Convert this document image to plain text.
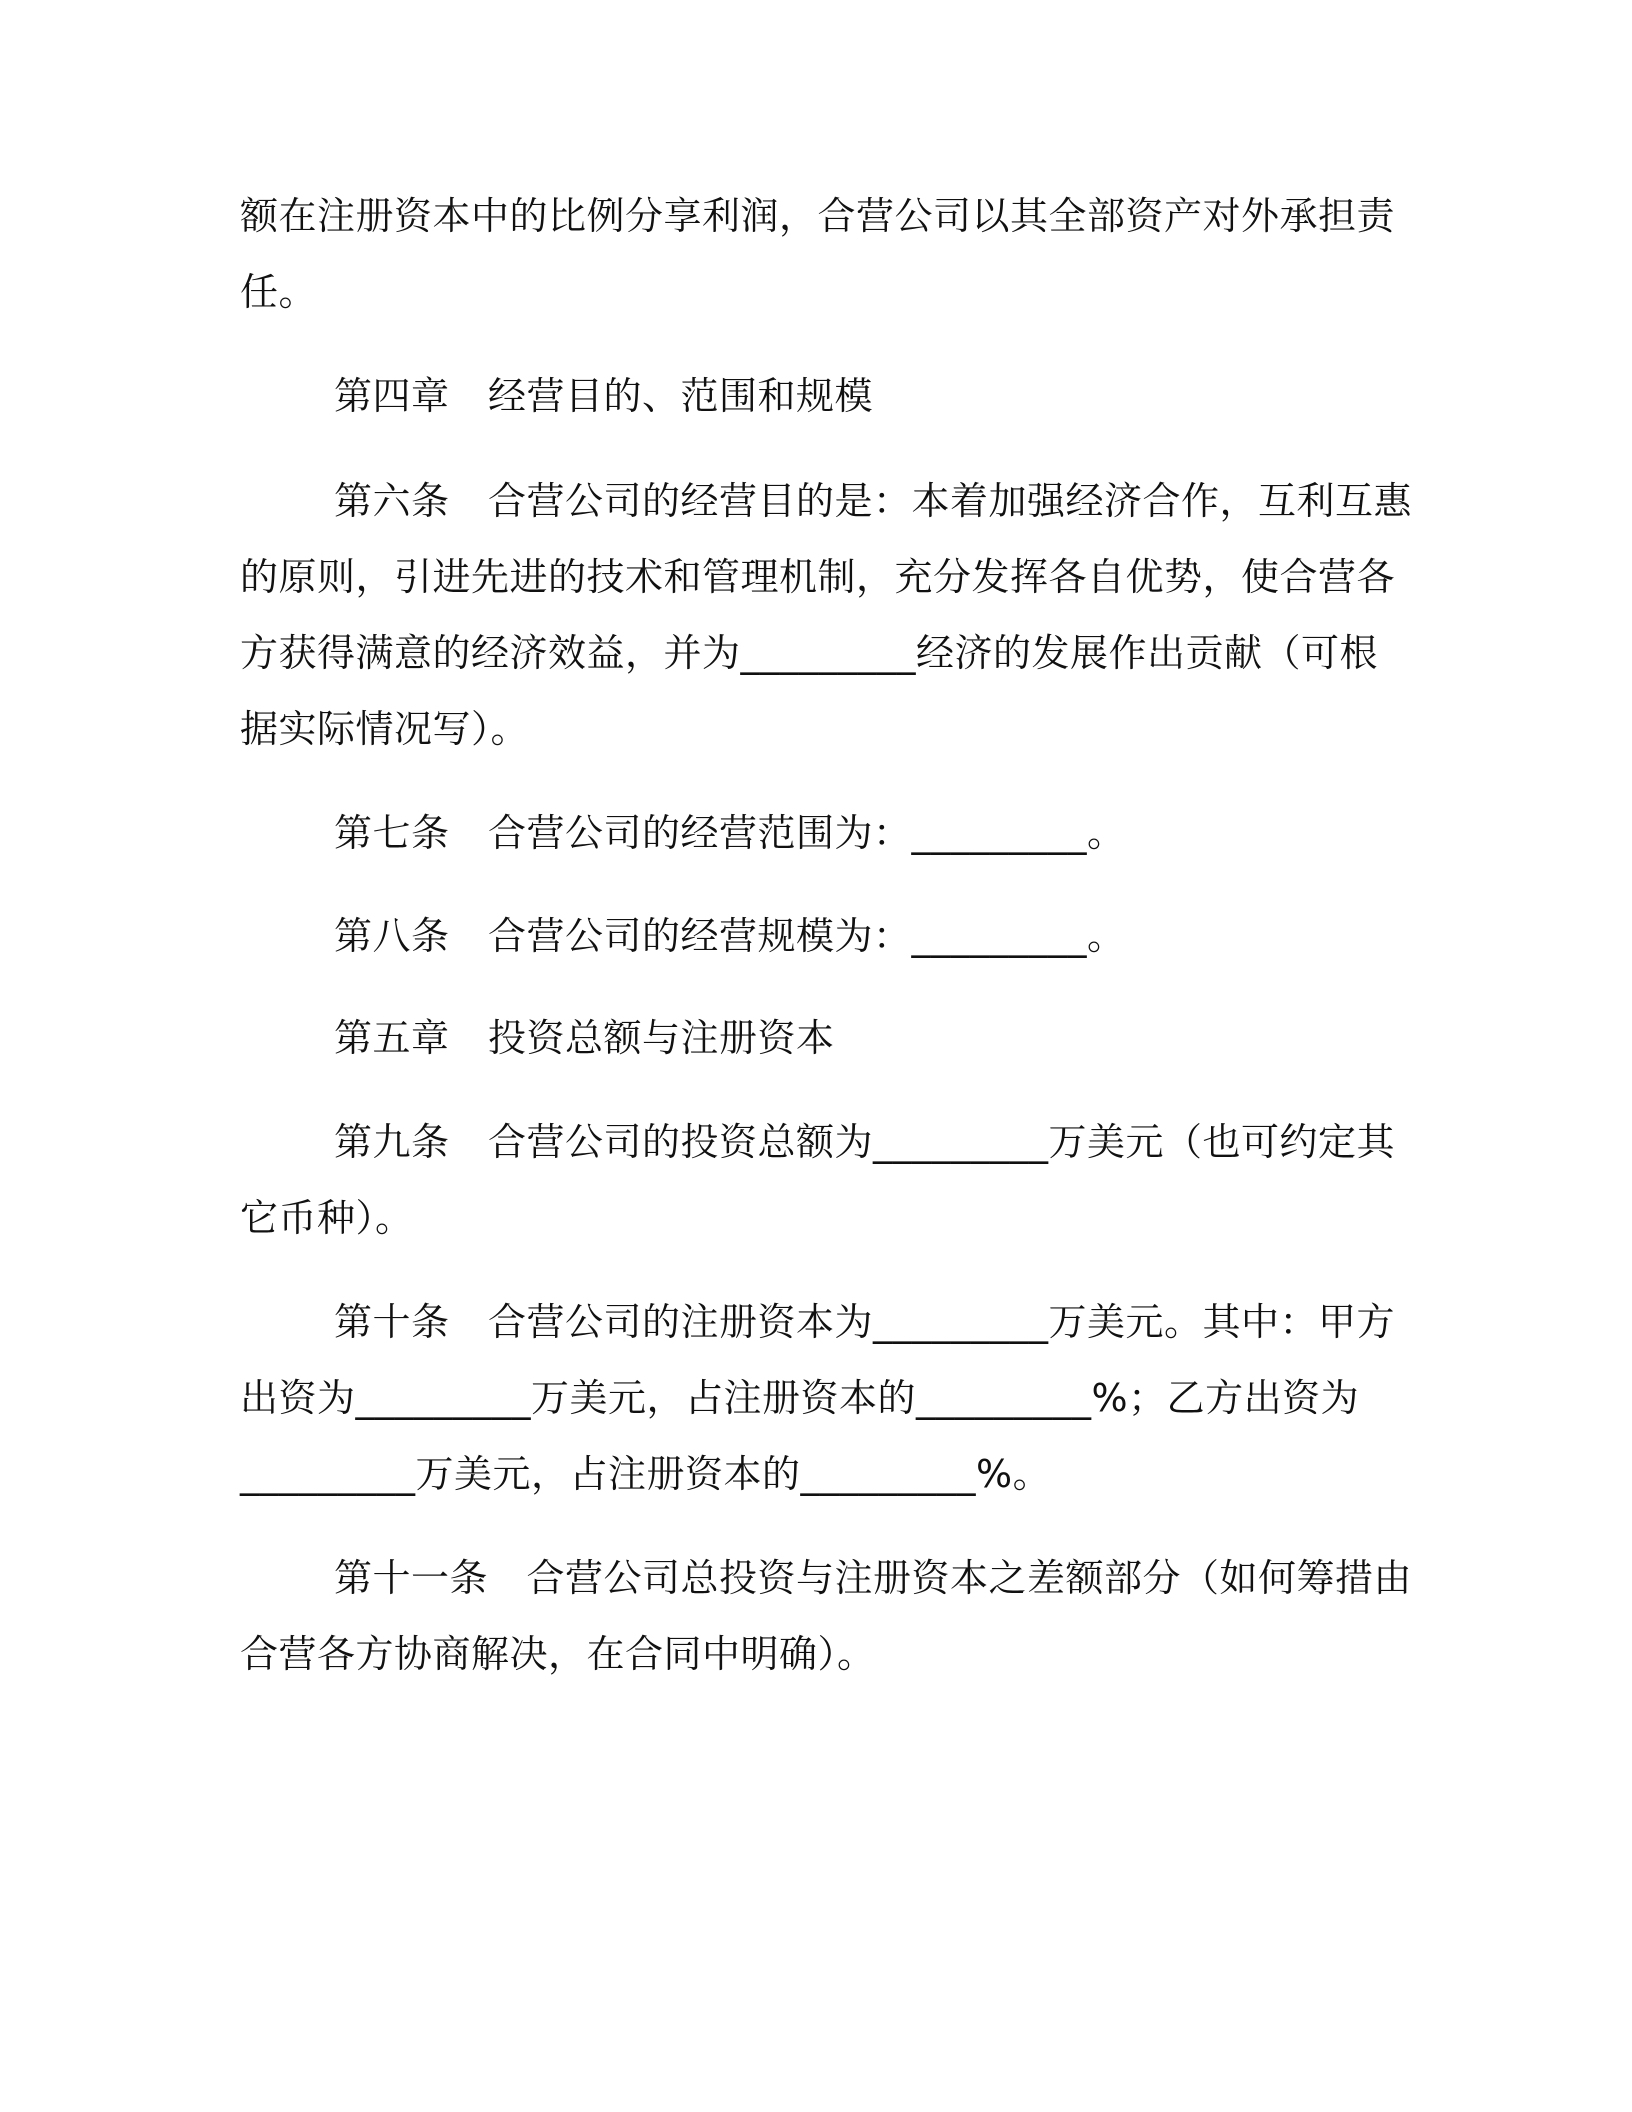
额在注册资本中的比例分享利润，合营公司以其全部资产对外承担责
任。
第四章　经营目的、范围和规模
第六条　合营公司的经营目的是：本着加强经济合作，互利互惠
的原则，引进先进的技术和管理机制，充分发挥各自优势，使合营各
方获得满意的经济效益，并为_________经济的发展作出贡献（可根
据实际情况写）。
第七条　合营公司的经营范围为：_________。
第八条　合营公司的经营规模为：_________。
第五章　投资总额与注册资本
第九条　合营公司的投资总额为_________万美元（也可约定其
它币种）。
第十条　合营公司的注册资本为_________万美元。其中：甲方
出资为_________万美元，占注册资本的_________%；乙方出资为
_________万美元，占注册资本的_________%。
第十一条　合营公司总投资与注册资本之差额部分（如何筹措由
合营各方协商解决，在合同中明确）。
